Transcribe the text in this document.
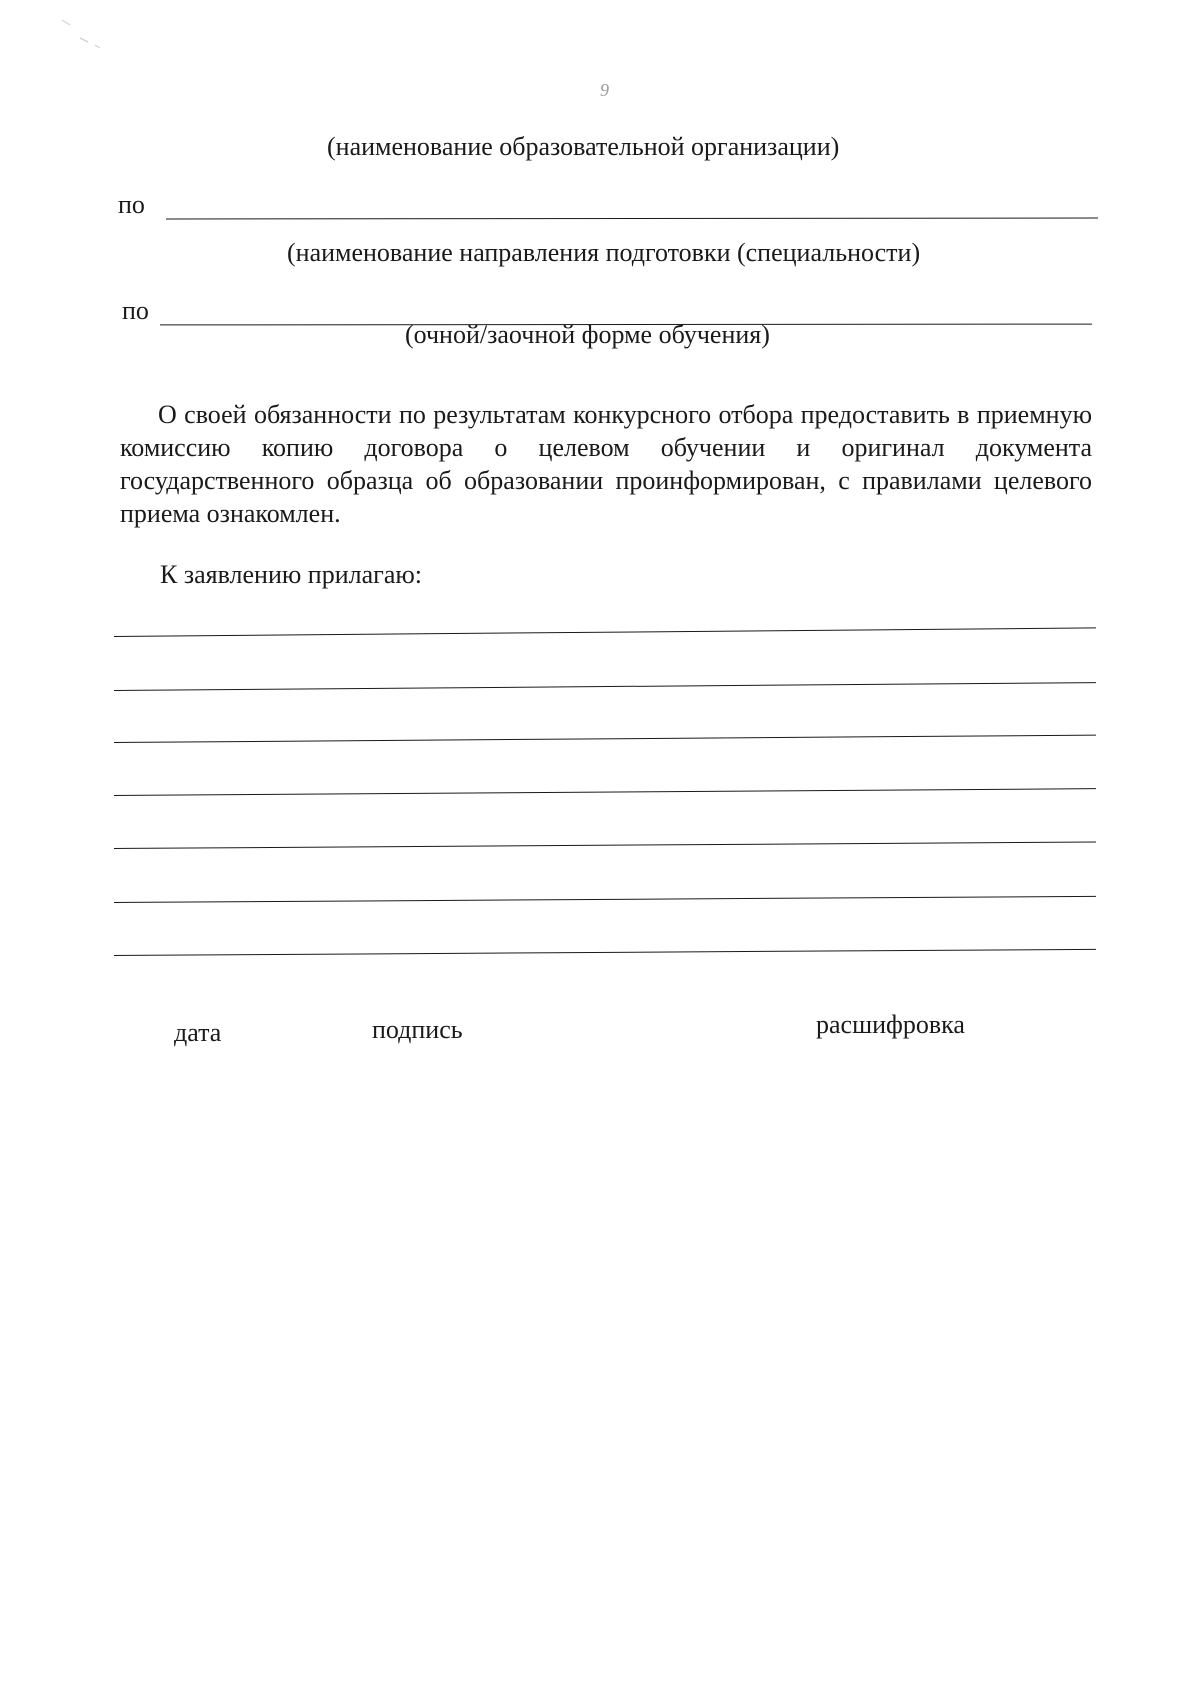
9
(наименование образовательной организации)
по
(наименование направления подготовки (специальности)
по
(очной/заочной форме обучения)

О своей обязанности по результатам конкурсного отбора предоставить в приемную комиссию копию договора о целевом обучении и оригинал документа государственного образца об образовании проинформирован, с правилами целевого приема ознакомлен.

К заявлению прилагаю:
дата	подпись	расшифровка
